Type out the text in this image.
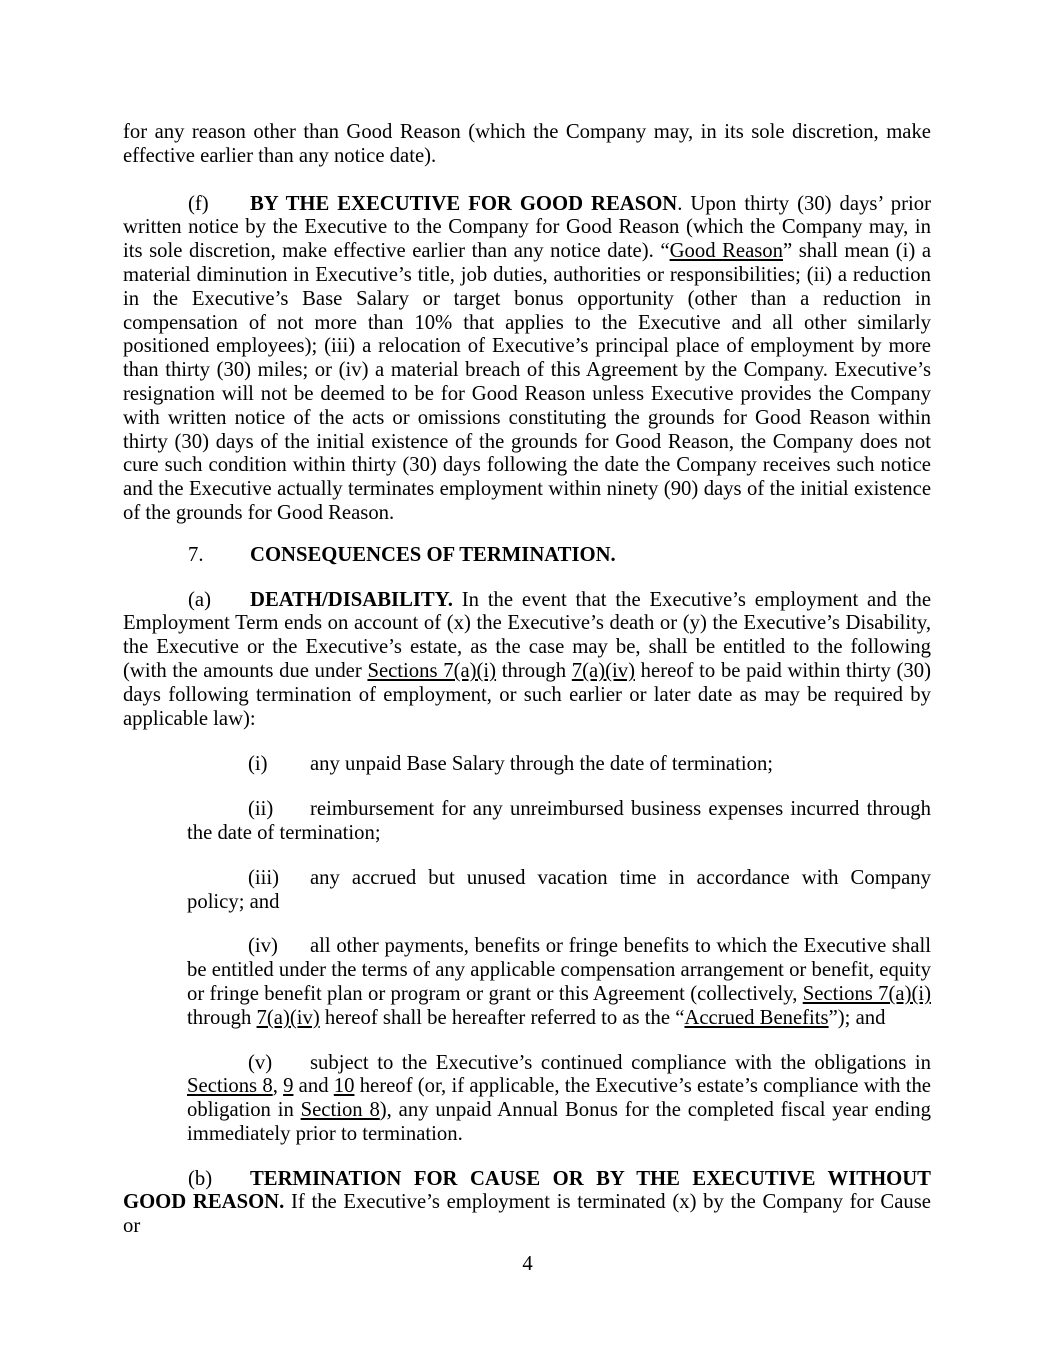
for any reason other than Good Reason (which the Company may, in its sole discretion, make effective earlier than any notice date).

(f) BY THE EXECUTIVE FOR GOOD REASON. Upon thirty (30) days’ prior written notice by the Executive to the Company for Good Reason (which the Company may, in its sole discretion, make effective earlier than any notice date). “Good Reason” shall mean (i) a material diminution in Executive’s title, job duties, authorities or responsibilities; (ii) a reduction in the Executive’s Base Salary or target bonus opportunity (other than a reduction in compensation of not more than 10% that applies to the Executive and all other similarly positioned employees); (iii) a relocation of Executive’s principal place of employment by more than thirty (30) miles; or (iv) a material breach of this Agreement by the Company. Executive’s resignation will not be deemed to be for Good Reason unless Executive provides the Company with written notice of the acts or omissions constituting the grounds for Good Reason within thirty (30) days of the initial existence of the grounds for Good Reason, the Company does not cure such condition within thirty (30) days following the date the Company receives such notice and the Executive actually terminates employment within ninety (90) days of the initial existence of the grounds for Good Reason.

7. CONSEQUENCES OF TERMINATION.

(a) DEATH/DISABILITY. In the event that the Executive’s employment and the Employment Term ends on account of (x) the Executive’s death or (y) the Executive’s Disability, the Executive or the Executive’s estate, as the case may be, shall be entitled to the following (with the amounts due under Sections 7(a)(i) through 7(a)(iv) hereof to be paid within thirty (30) days following termination of employment, or such earlier or later date as may be required by applicable law):

(i) any unpaid Base Salary through the date of termination;

(ii) reimbursement for any unreimbursed business expenses incurred through the date of termination;

(iii) any accrued but unused vacation time in accordance with Company policy; and

(iv) all other payments, benefits or fringe benefits to which the Executive shall be entitled under the terms of any applicable compensation arrangement or benefit, equity or fringe benefit plan or program or grant or this Agreement (collectively, Sections 7(a)(i) through 7(a)(iv) hereof shall be hereafter referred to as the “Accrued Benefits”); and

(v) subject to the Executive’s continued compliance with the obligations in Sections 8, 9 and 10 hereof (or, if applicable, the Executive’s estate’s compliance with the obligation in Section 8), any unpaid Annual Bonus for the completed fiscal year ending immediately prior to termination.

(b) TERMINATION FOR CAUSE OR BY THE EXECUTIVE WITHOUT GOOD REASON. If the Executive’s employment is terminated (x) by the Company for Cause or

4
